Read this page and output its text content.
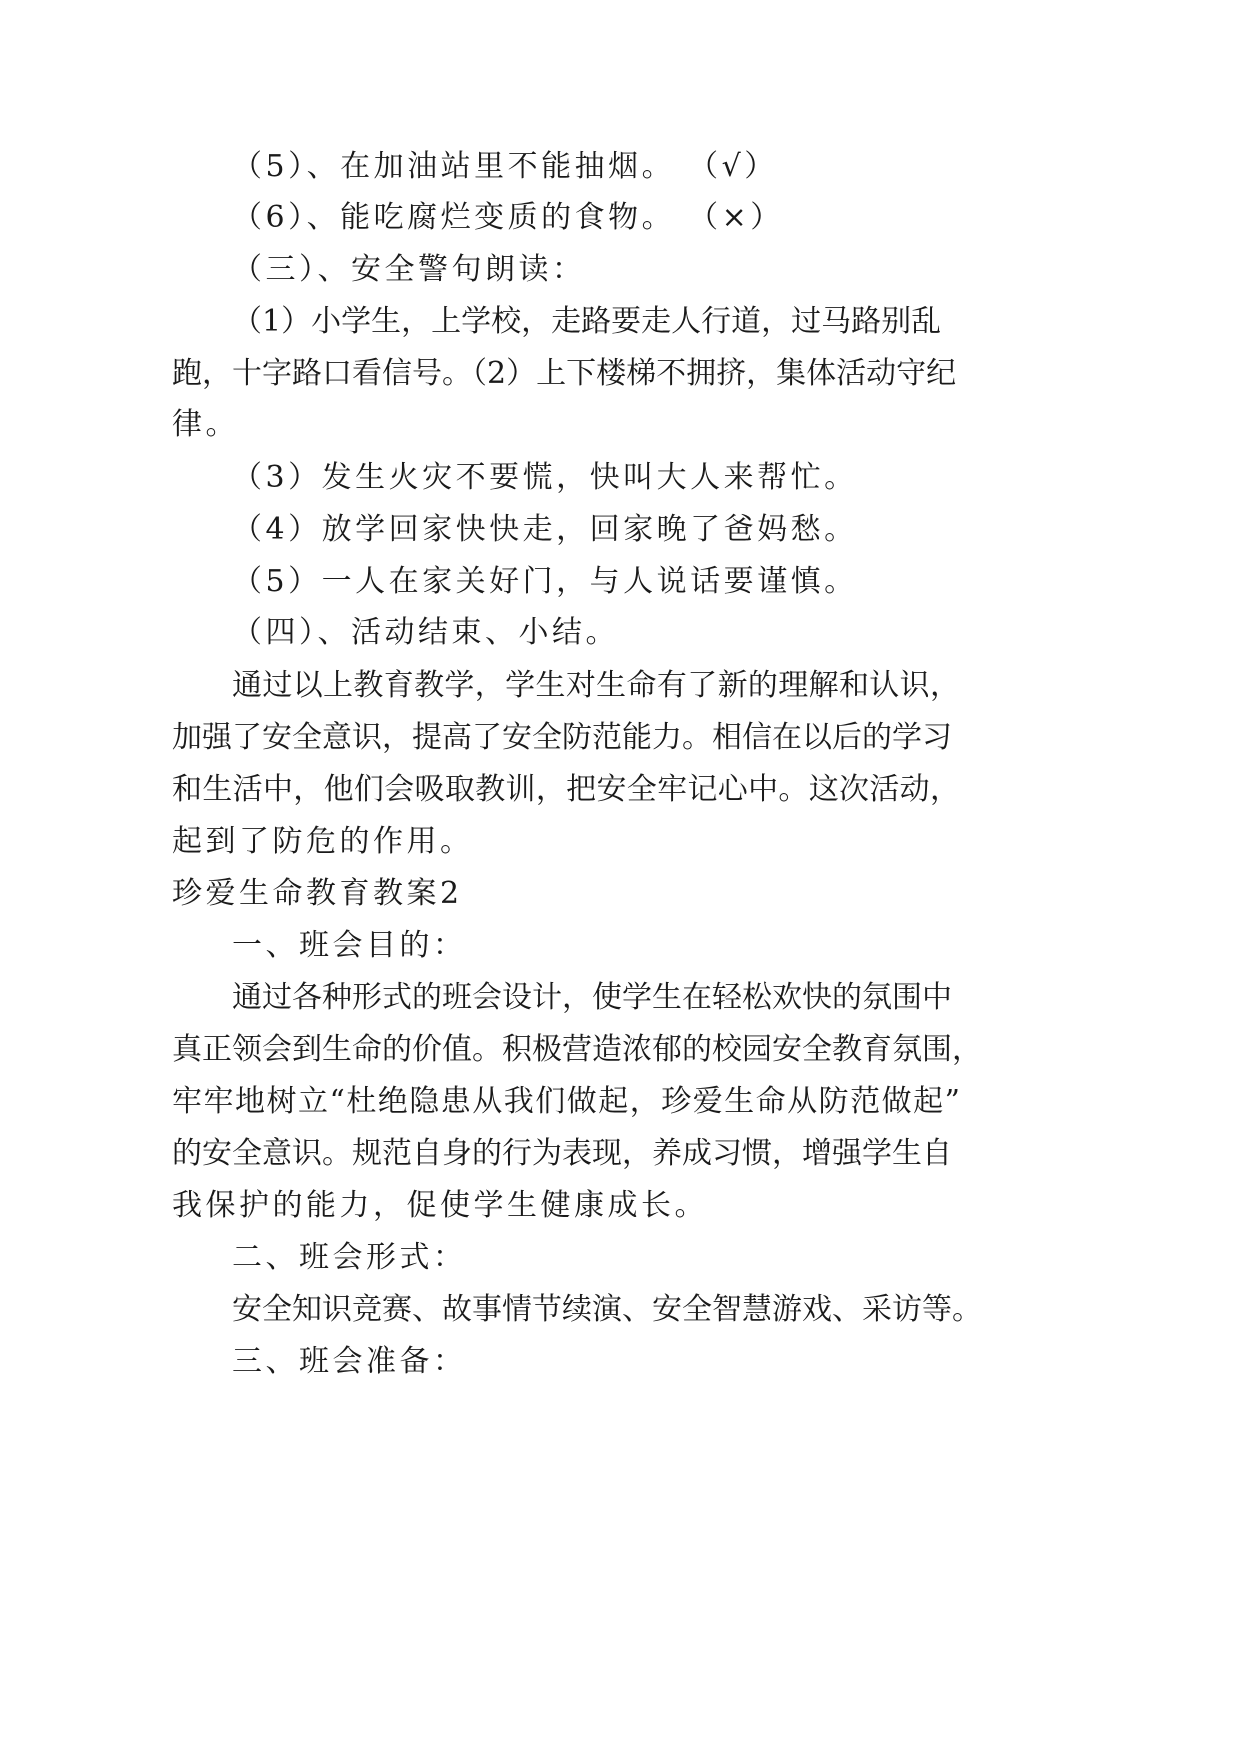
（5）、在加油站里不能抽烟。 （√）
（6）、能吃腐烂变质的食物。 （×）
（三）、安全警句朗读：
（1）小学生，上学校，走路要走人行道，过马路别乱
跑，十字路口看信号。（2）上下楼梯不拥挤，集体活动守纪
律。
（3）发生火灾不要慌，快叫大人来帮忙。
（4）放学回家快快走，回家晚了爸妈愁。
（5）一人在家关好门，与人说话要谨慎。
（四）、活动结束、小结。
通过以上教育教学，学生对生命有了新的理解和认识，
加强了安全意识，提高了安全防范能力。相信在以后的学习
和生活中，他们会吸取教训，把安全牢记心中。这次活动，
起到了防危的作用。
珍爱生命教育教案2
一、班会目的：
通过各种形式的班会设计，使学生在轻松欢快的氛围中
真正领会到生命的价值。积极营造浓郁的校园安全教育氛围，
牢牢地树立“杜绝隐患从我们做起，珍爱生命从防范做起”
的安全意识。规范自身的行为表现，养成习惯，增强学生自
我保护的能力，促使学生健康成长。
二、班会形式：
安全知识竞赛、故事情节续演、安全智慧游戏、采访等。
三、班会准备：
